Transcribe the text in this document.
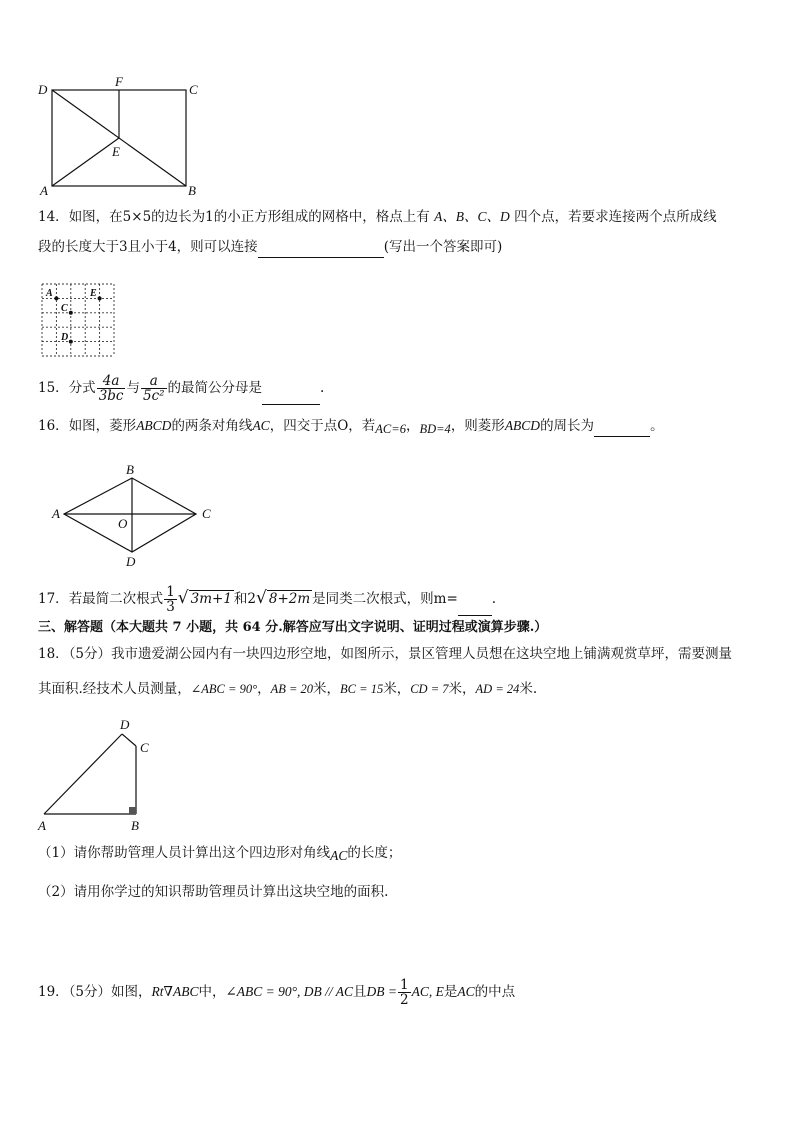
D
F
C
E
A	B
14．如图，在5×5的边长为1的小正方形组成的网格中，格点上有 A、B、C、D 四个点，若要求连接两个点所成线
段的长度大于3且小于4，则可以连接	(写出一个答案即可)
A	E
C
D
15．分式 $\frac{4a}{3bc}$ 与 $\frac{a}{\text{5c²}}$ 的最简公分母是	.
16．如图，菱形ABCD的两条对角线AC，四交于点O，若AC=6，BD=4，则菱形ABCD的周长为	。
A
B
C
D
O
17．若最简二次根式 $\frac{1}{3}$ √ 3m+1 和2√ 8+2m 是同类二次根式，则m=	.
三、解答题（本大题共 7 小题，共 64 分.解答应写出文字说明、证明过程或演算步骤.）
18．（5分）我市遗爱湖公园内有一块四边形空地，如图所示，景区管理人员想在这块空地上铺满观赏草坪，需要测量
其面积.经技术人员测量，∠ABC = 90°，AB = 20米，BC = 15米，CD = 7米，AD = 24米.
D
C
A	B
（1）请你帮助管理人员计算出这个四边形对角线AC的长度；
（2）请用你学过的知识帮助管理员计算出这块空地的面积.
19．（5分）如图，Rt∇ABC中，∠ABC = 90°, DB // AC且DB = $\frac{1}{2}$ AC, E是AC的中点
